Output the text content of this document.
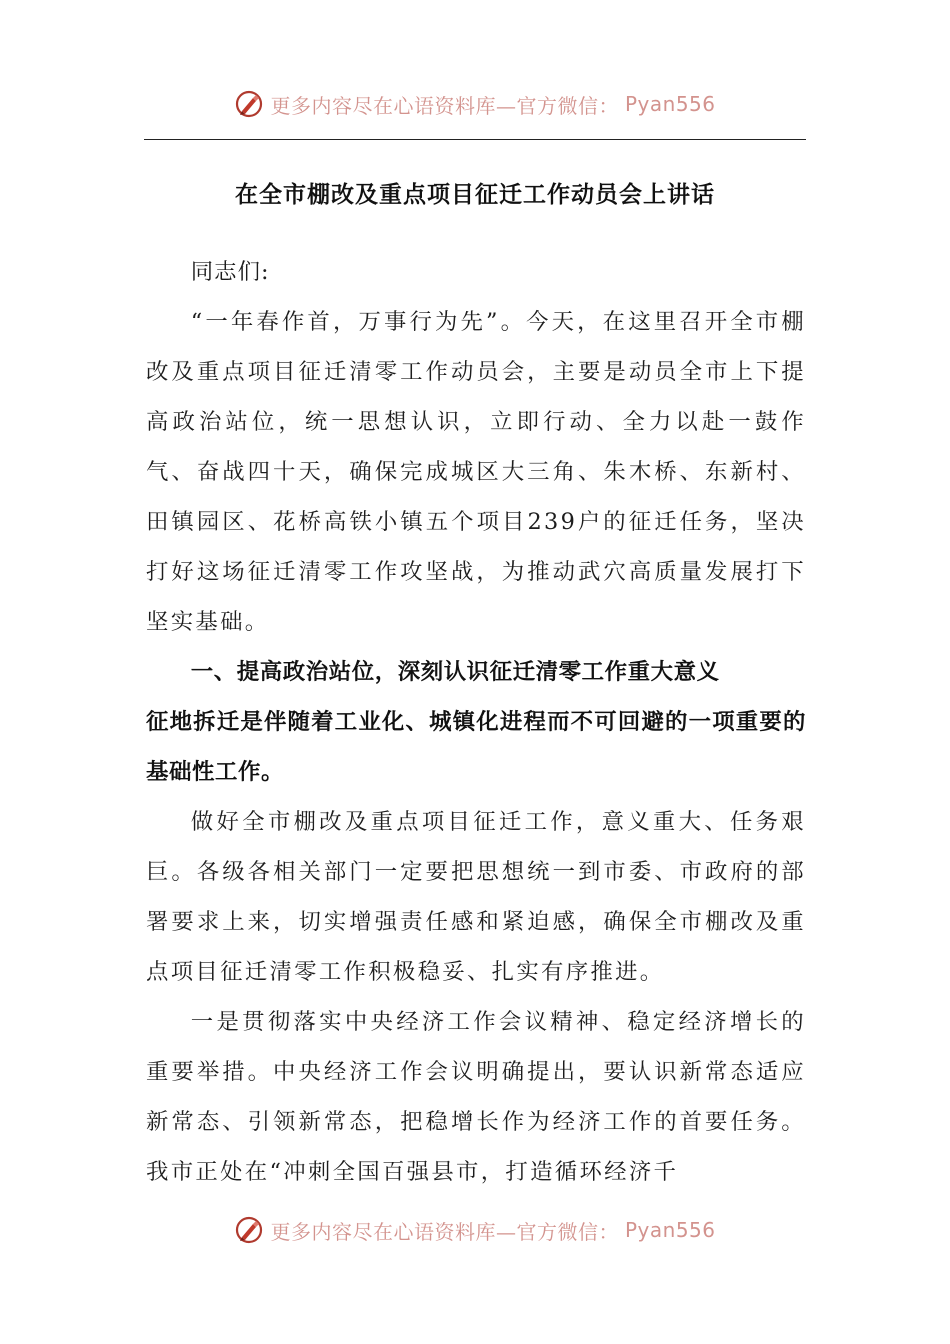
更多内容尽在心语资料库—官方微信： Pyan556
在全市棚改及重点项目征迁工作动员会上讲话

同志们:

“一年春作首，万事行为先”。今天，在这里召开全市棚改及重点项目征迁清零工作动员会，主要是动员全市上下提高政治站位，统一思想认识，立即行动、全力以赴一鼓作气、奋战四十天，确保完成城区大三角、朱木桥、东新村、田镇园区、花桥高铁小镇五个项目239户的征迁任务，坚决打好这场征迁清零工作攻坚战，为推动武穴高质量发展打下坚实基础。

一、提高政治站位，深刻认识征迁清零工作重大意义

征地拆迁是伴随着工业化、城镇化进程而不可回避的一项重要的基础性工作。

做好全市棚改及重点项目征迁工作，意义重大、任务艰巨。各级各相关部门一定要把思想统一到市委、市政府的部署要求上来，切实增强责任感和紧迫感，确保全市棚改及重点项目征迁清零工作积极稳妥、扎实有序推进。

一是贯彻落实中央经济工作会议精神、稳定经济增长的重要举措。中央经济工作会议明确提出，要认识新常态适应新常态、引领新常态，把稳增长作为经济工作的首要任务。我市正处在“冲刺全国百强县市，打造循环经济千

更多内容尽在心语资料库—官方微信： Pyan556
